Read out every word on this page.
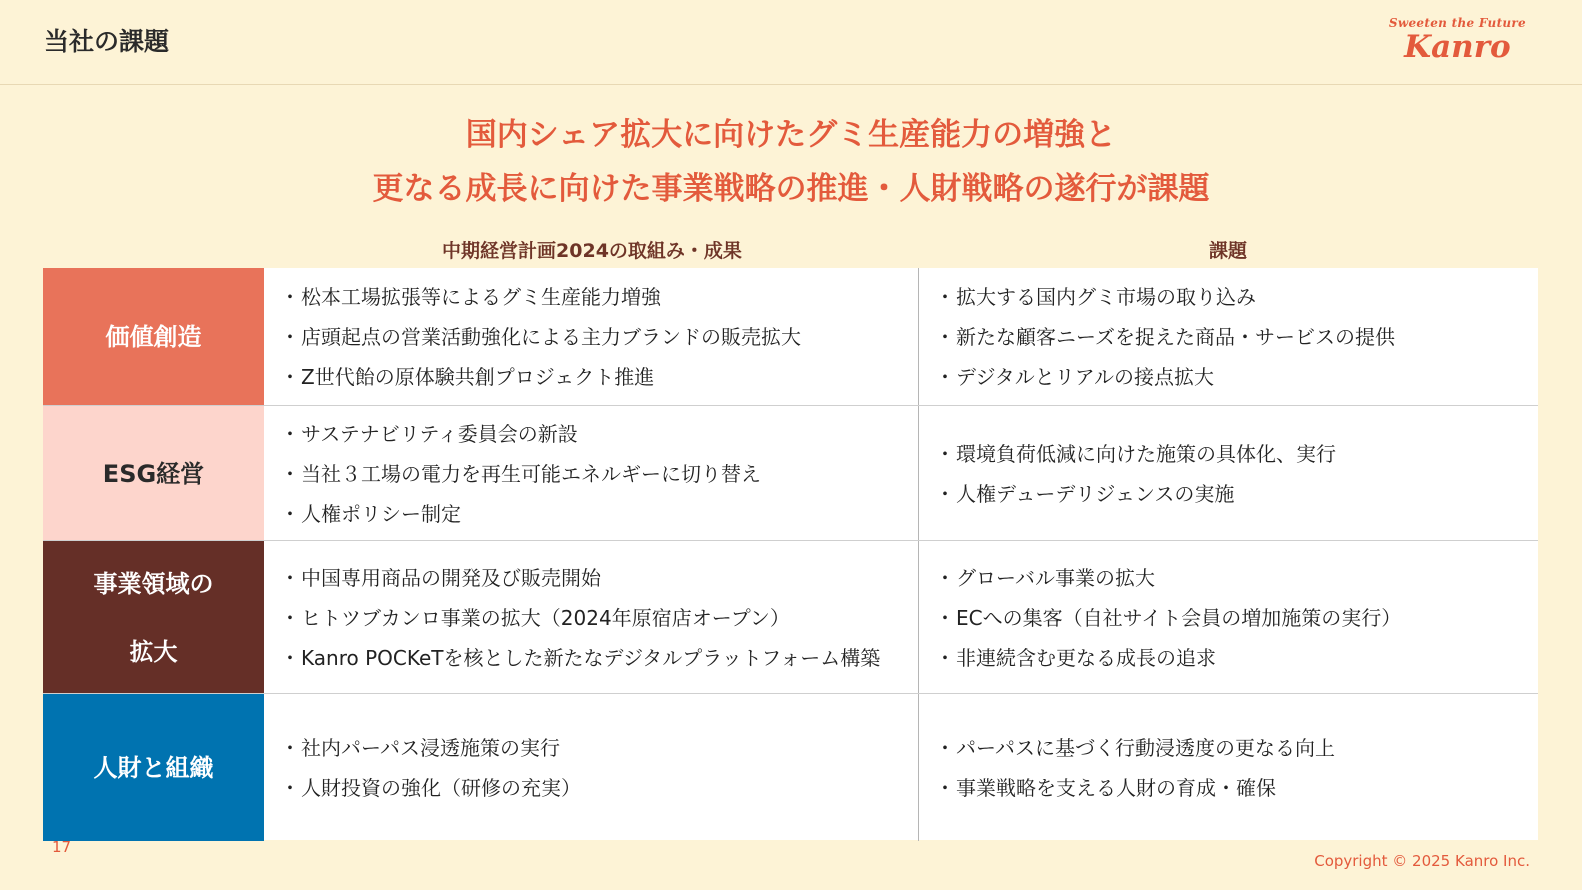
当社の課題
Sweeten the Future
Kanro
国内シェア拡大に向けたグミ生産能力の増強と
更なる成長に向けた事業戦略の推進・人財戦略の遂行が課題
中期経営計画2024の取組み・成果	課題
価値創造
・ 松本工場拡張等によるグミ生産能力増強
・ 店頭起点の営業活動強化による主力ブランドの販売拡大
・ Z世代飴の原体験共創プロジェクト推進
・ 拡大する国内グミ市場の取り込み
・ 新たな顧客ニーズを捉えた商品・サービスの提供
・ デジタルとリアルの接点拡大
ESG経営
・ サステナビリティ委員会の新設
・ 当社３工場の電力を再生可能エネルギーに切り替え
・ 人権ポリシー制定
・ 環境負荷低減に向けた施策の具体化、実行
・ 人権デューデリジェンスの実施
事業領域の

拡大
・ 中国専用商品の開発及び販売開始
・ ヒトツブカンロ事業の拡大（2024年原宿店オープン）
・ Kanro POCKeTを核とした新たなデジタルプラットフォーム構築
・ グローバル事業の拡大
・ ECへの集客（自社サイト会員の増加施策の実行）
・ 非連続含む更なる成長の追求
人財と組織
・ 社内パーパス浸透施策の実行
・ 人財投資の強化（研修の充実）
・ パーパスに基づく行動浸透度の更なる向上
・ 事業戦略を支える人財の育成・確保
17
Copyright © 2025 Kanro Inc.
